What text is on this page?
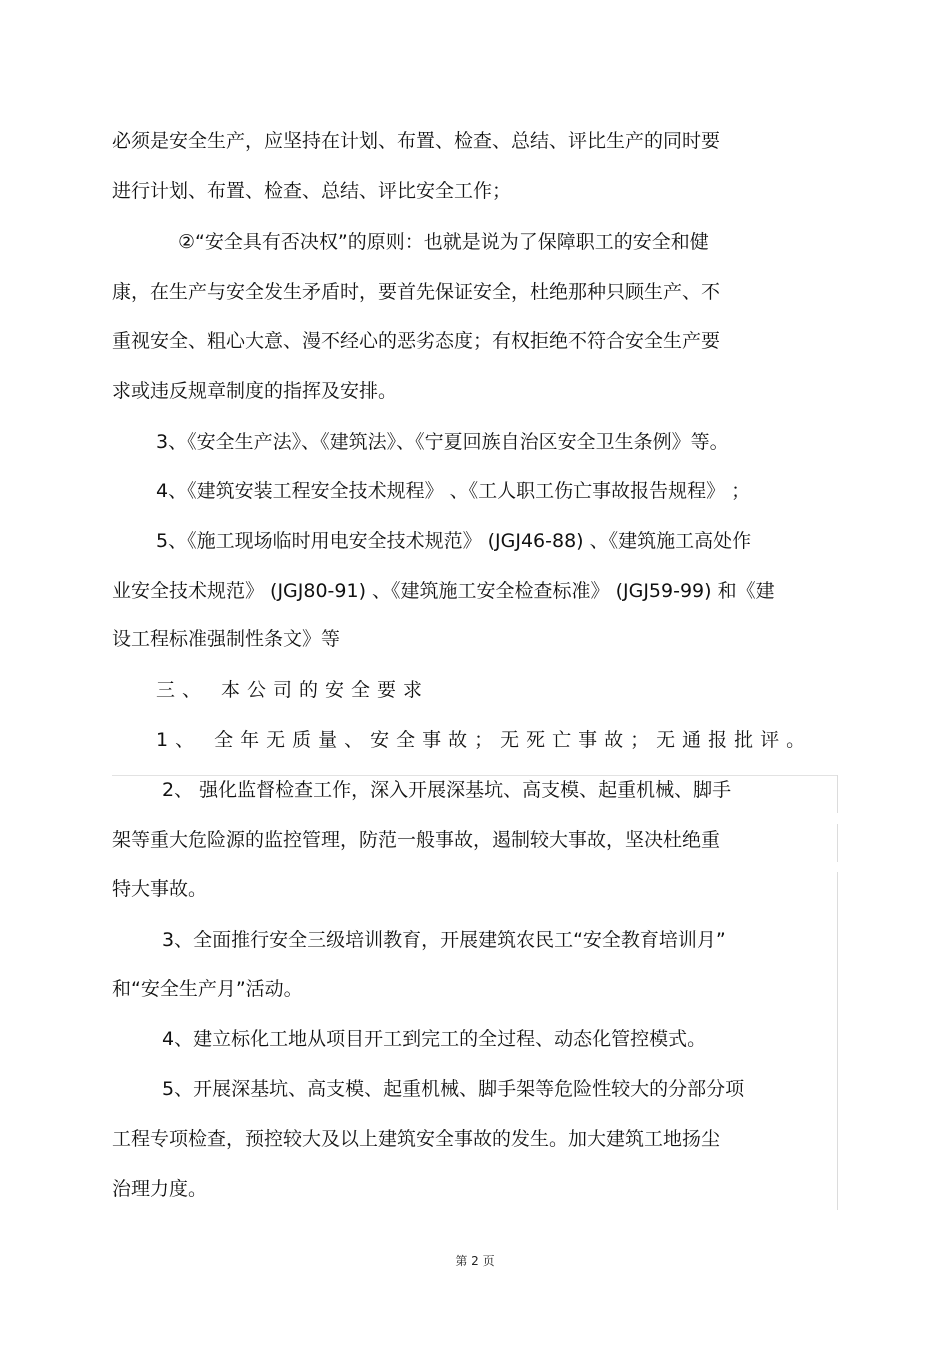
必须是安全生产，应坚持在计划、布置、检查、总结、评比生产的同时要
进行计划、布置、检查、总结、评比安全工作；
②“安全具有否决权”的原则：也就是说为了保障职工的安全和健
康，在生产与安全发生矛盾时，要首先保证安全，杜绝那种只顾生产、不
重视安全、粗心大意、漫不经心的恶劣态度；有权拒绝不符合安全生产要
求或违反规章制度的指挥及安排。
3、《安全生产法》、《建筑法》、《宁夏回族自治区安全卫生条例》等。
4、《建筑安装工程安全技术规程》 、《工人职工伤亡事故报告规程》 ；
5、《施工现场临时用电安全技术规范》 (JGJ46-88) 、《建筑施工高处作
业安全技术规范》 (JGJ80-91) 、《建筑施工安全检查标准》 (JGJ59-99) 和《建
设工程标准强制性条文》等
三、 本公司的安全要求
1、 全年无质量、安全事故；无死亡事故；无通报批评。
2、 强化监督检查工作，深入开展深基坑、高支模、起重机械、脚手
架等重大危险源的监控管理，防范一般事故，遏制较大事故，坚决杜绝重
特大事故。
3、全面推行安全三级培训教育，开展建筑农民工“安全教育培训月”
和“安全生产月”活动。
4、建立标化工地从项目开工到完工的全过程、动态化管控模式。
5、开展深基坑、高支模、起重机械、脚手架等危险性较大的分部分项
工程专项检查，预控较大及以上建筑安全事故的发生。加大建筑工地扬尘
治理力度。
第 2 页
